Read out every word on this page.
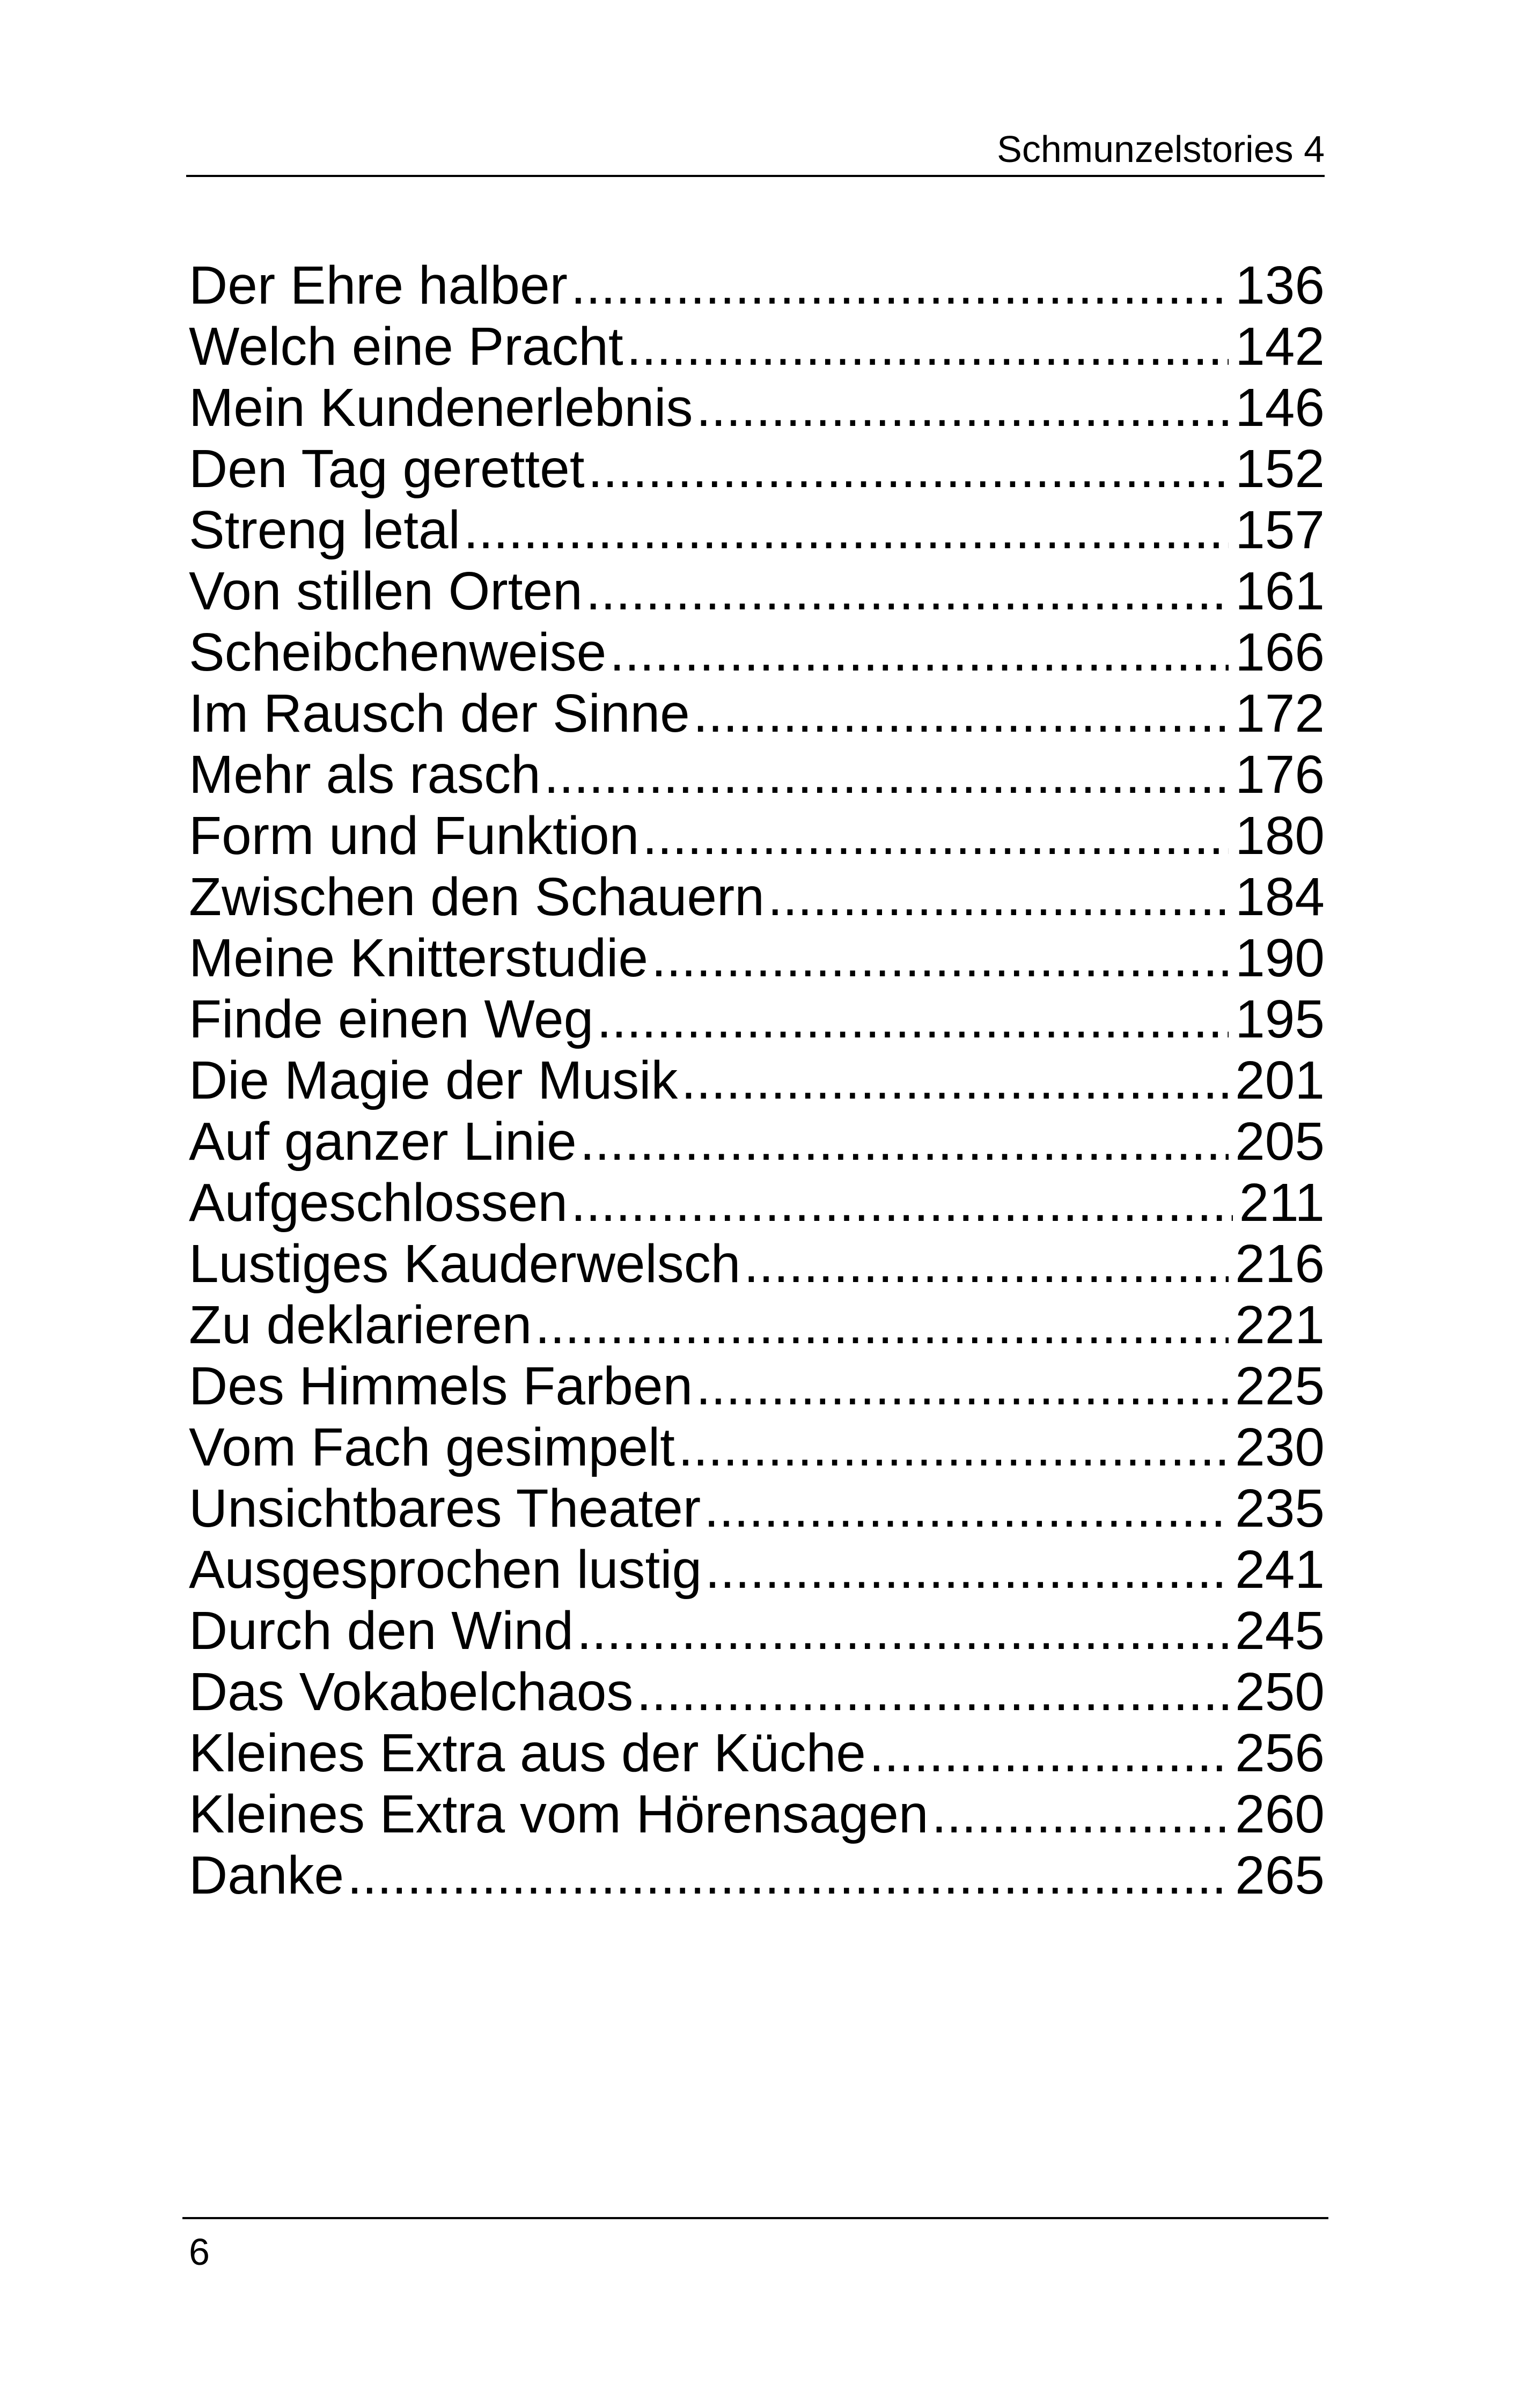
Schmunzelstories 4
Der Ehre halber .....	136
Welch eine Pracht .....	142
Mein Kundenerlebnis .....	146
Den Tag gerettet .....	152
Streng letal .....	157
Von stillen Orten .....	161
Scheibchenweise .....	166
Im Rausch der Sinne .....	172
Mehr als rasch .....	176
Form und Funktion .....	180
Zwischen den Schauern .....	184
Meine Knitterstudie .....	190
Finde einen Weg .....	195
Die Magie der Musik .....	201
Auf ganzer Linie .....	205
Aufgeschlossen .....	211
Lustiges Kauderwelsch .....	216
Zu deklarieren .....	221
Des Himmels Farben .....	225
Vom Fach gesimpelt .....	230
Unsichtbares Theater .....	235
Ausgesprochen lustig .....	241
Durch den Wind .....	245
Das Vokabelchaos .....	250
Kleines Extra aus der Küche .....	256
Kleines Extra vom Hörensagen .....	260
Danke .....	265
6
